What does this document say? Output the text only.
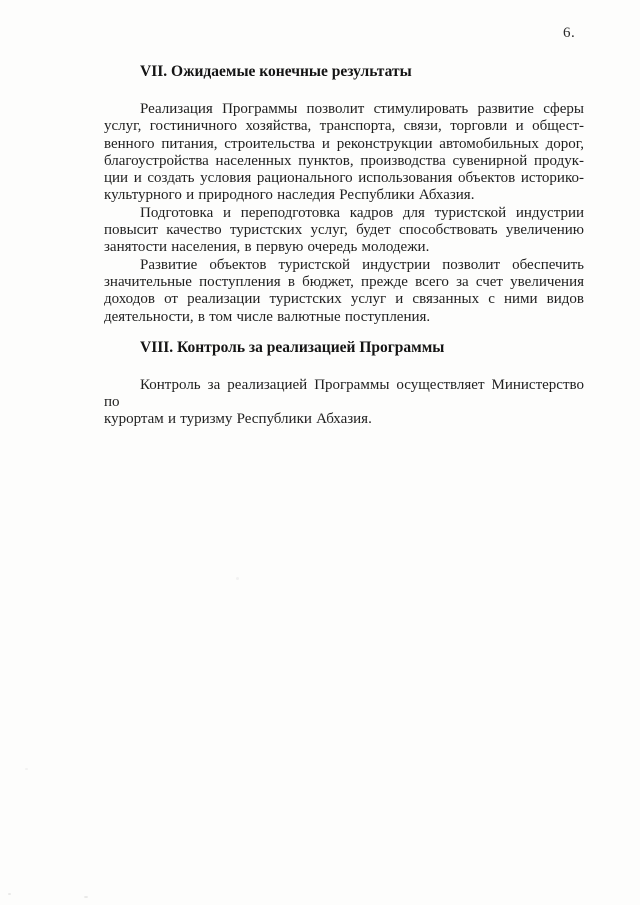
6.
VII. Ожидаемые конечные результаты
Реализация Программы позволит стимулировать развитие сферы
услуг, гостиничного хозяйства, транспорта, связи, торговли и общест-
венного питания, строительства и реконструкции автомобильных дорог,
благоустройства населенных пунктов, производства сувенирной продук-
ции и создать условия рационального использования объектов историко-
культурного и природного наследия Республики Абхазия.
Подготовка и переподготовка кадров для туристской индустрии
повысит качество туристских услуг, будет способствовать увеличению
занятости населения, в первую очередь молодежи.
Развитие объектов туристской индустрии позволит обеспечить
значительные поступления в бюджет, прежде всего за счет увеличения
доходов от реализации туристских услуг и связанных с ними видов
деятельности, в том числе валютные поступления.
VIII. Контроль за реализацией Программы
Контроль за реализацией Программы осуществляет Министерство по
курортам и туризму Республики Абхазия.
